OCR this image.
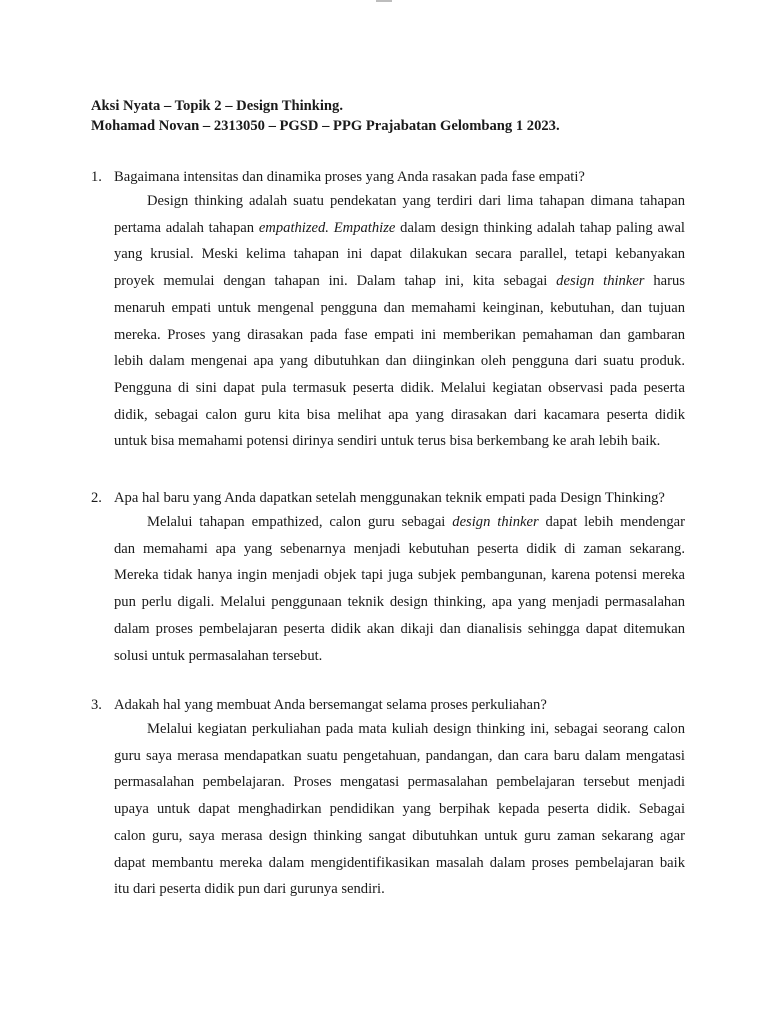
Aksi Nyata – Topik 2 – Design Thinking.
Mohamad Novan – 2313050 – PGSD – PPG Prajabatan Gelombang 1 2023.
1. Bagaimana intensitas dan dinamika proses yang Anda rasakan pada fase empati?
Design thinking adalah suatu pendekatan yang terdiri dari lima tahapan dimana tahapan
pertama adalah tahapan empathized. Empathize dalam design thinking adalah tahap paling awal
yang krusial. Meski kelima tahapan ini dapat dilakukan secara parallel, tetapi kebanyakan
proyek memulai dengan tahapan ini. Dalam tahap ini, kita sebagai design thinker harus
menaruh empati untuk mengenal pengguna dan memahami keinginan, kebutuhan, dan tujuan
mereka. Proses yang dirasakan pada fase empati ini memberikan pemahaman dan gambaran
lebih dalam mengenai apa yang dibutuhkan dan diinginkan oleh pengguna dari suatu produk.
Pengguna di sini dapat pula termasuk peserta didik. Melalui kegiatan observasi pada peserta
didik, sebagai calon guru kita bisa melihat apa yang dirasakan dari kacamara peserta didik
untuk bisa memahami potensi dirinya sendiri untuk terus bisa berkembang ke arah lebih baik.
2. Apa hal baru yang Anda dapatkan setelah menggunakan teknik empati pada Design Thinking?
Melalui tahapan empathized, calon guru sebagai design thinker dapat lebih mendengar
dan memahami apa yang sebenarnya menjadi kebutuhan peserta didik di zaman sekarang.
Mereka tidak hanya ingin menjadi objek tapi juga subjek pembangunan, karena potensi mereka
pun perlu digali. Melalui penggunaan teknik design thinking, apa yang menjadi permasalahan
dalam proses pembelajaran peserta didik akan dikaji dan dianalisis sehingga dapat ditemukan
solusi untuk permasalahan tersebut.
3. Adakah hal yang membuat Anda bersemangat selama proses perkuliahan?
Melalui kegiatan perkuliahan pada mata kuliah design thinking ini, sebagai seorang calon
guru saya merasa mendapatkan suatu pengetahuan, pandangan, dan cara baru dalam mengatasi
permasalahan pembelajaran. Proses mengatasi permasalahan pembelajaran tersebut menjadi
upaya untuk dapat menghadirkan pendidikan yang berpihak kepada peserta didik. Sebagai
calon guru, saya merasa design thinking sangat dibutuhkan untuk guru zaman sekarang agar
dapat membantu mereka dalam mengidentifikasikan masalah dalam proses pembelajaran baik
itu dari peserta didik pun dari gurunya sendiri.
